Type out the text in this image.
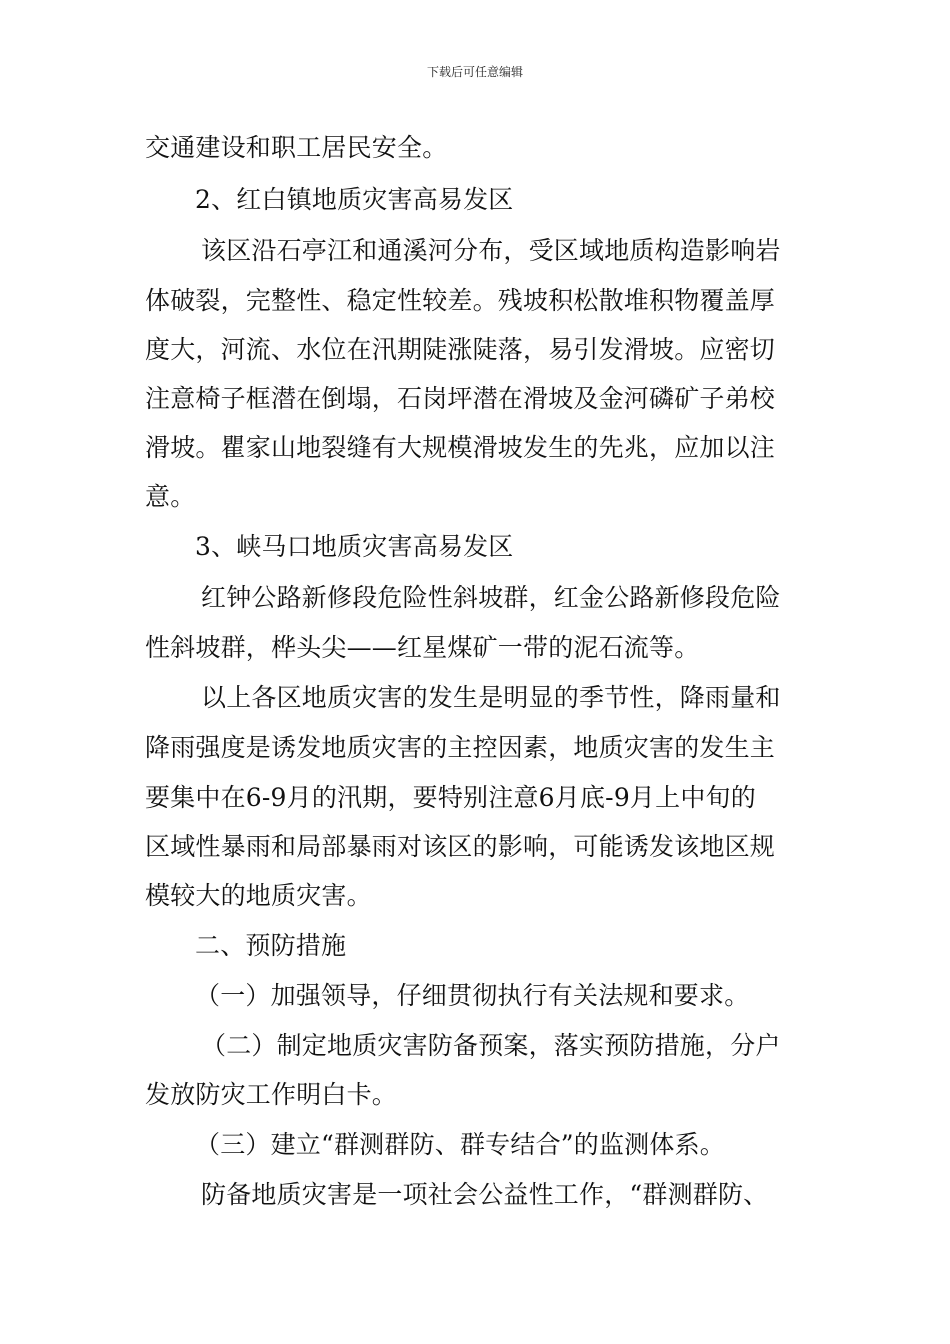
下载后可任意编辑

交通建设和职工居民安全。

2、红白镇地质灾害高易发区

该区沿石亭江和通溪河分布，受区域地质构造影响岩

体破裂，完整性、稳定性较差。残坡积松散堆积物覆盖厚

度大，河流、水位在汛期陡涨陡落，易引发滑坡。应密切

注意椅子框潜在倒塌，石岗坪潜在滑坡及金河磷矿子弟校

滑坡。瞿家山地裂缝有大规模滑坡发生的先兆，应加以注

意。

3、峡马口地质灾害高易发区

红钟公路新修段危险性斜坡群，红金公路新修段危险

性斜坡群，桦头尖——红星煤矿一带的泥石流等。

以上各区地质灾害的发生是明显的季节性，降雨量和

降雨强度是诱发地质灾害的主控因素，地质灾害的发生主

要集中在6-9月的汛期，要特别注意6月底-9月上中旬的

区域性暴雨和局部暴雨对该区的影响，可能诱发该地区规

模较大的地质灾害。

二、预防措施

（一）加强领导，仔细贯彻执行有关法规和要求。

（二）制定地质灾害防备预案，落实预防措施，分户

发放防灾工作明白卡。

（三）建立“群测群防、群专结合”的监测体系。

防备地质灾害是一项社会公益性工作，“群测群防、
